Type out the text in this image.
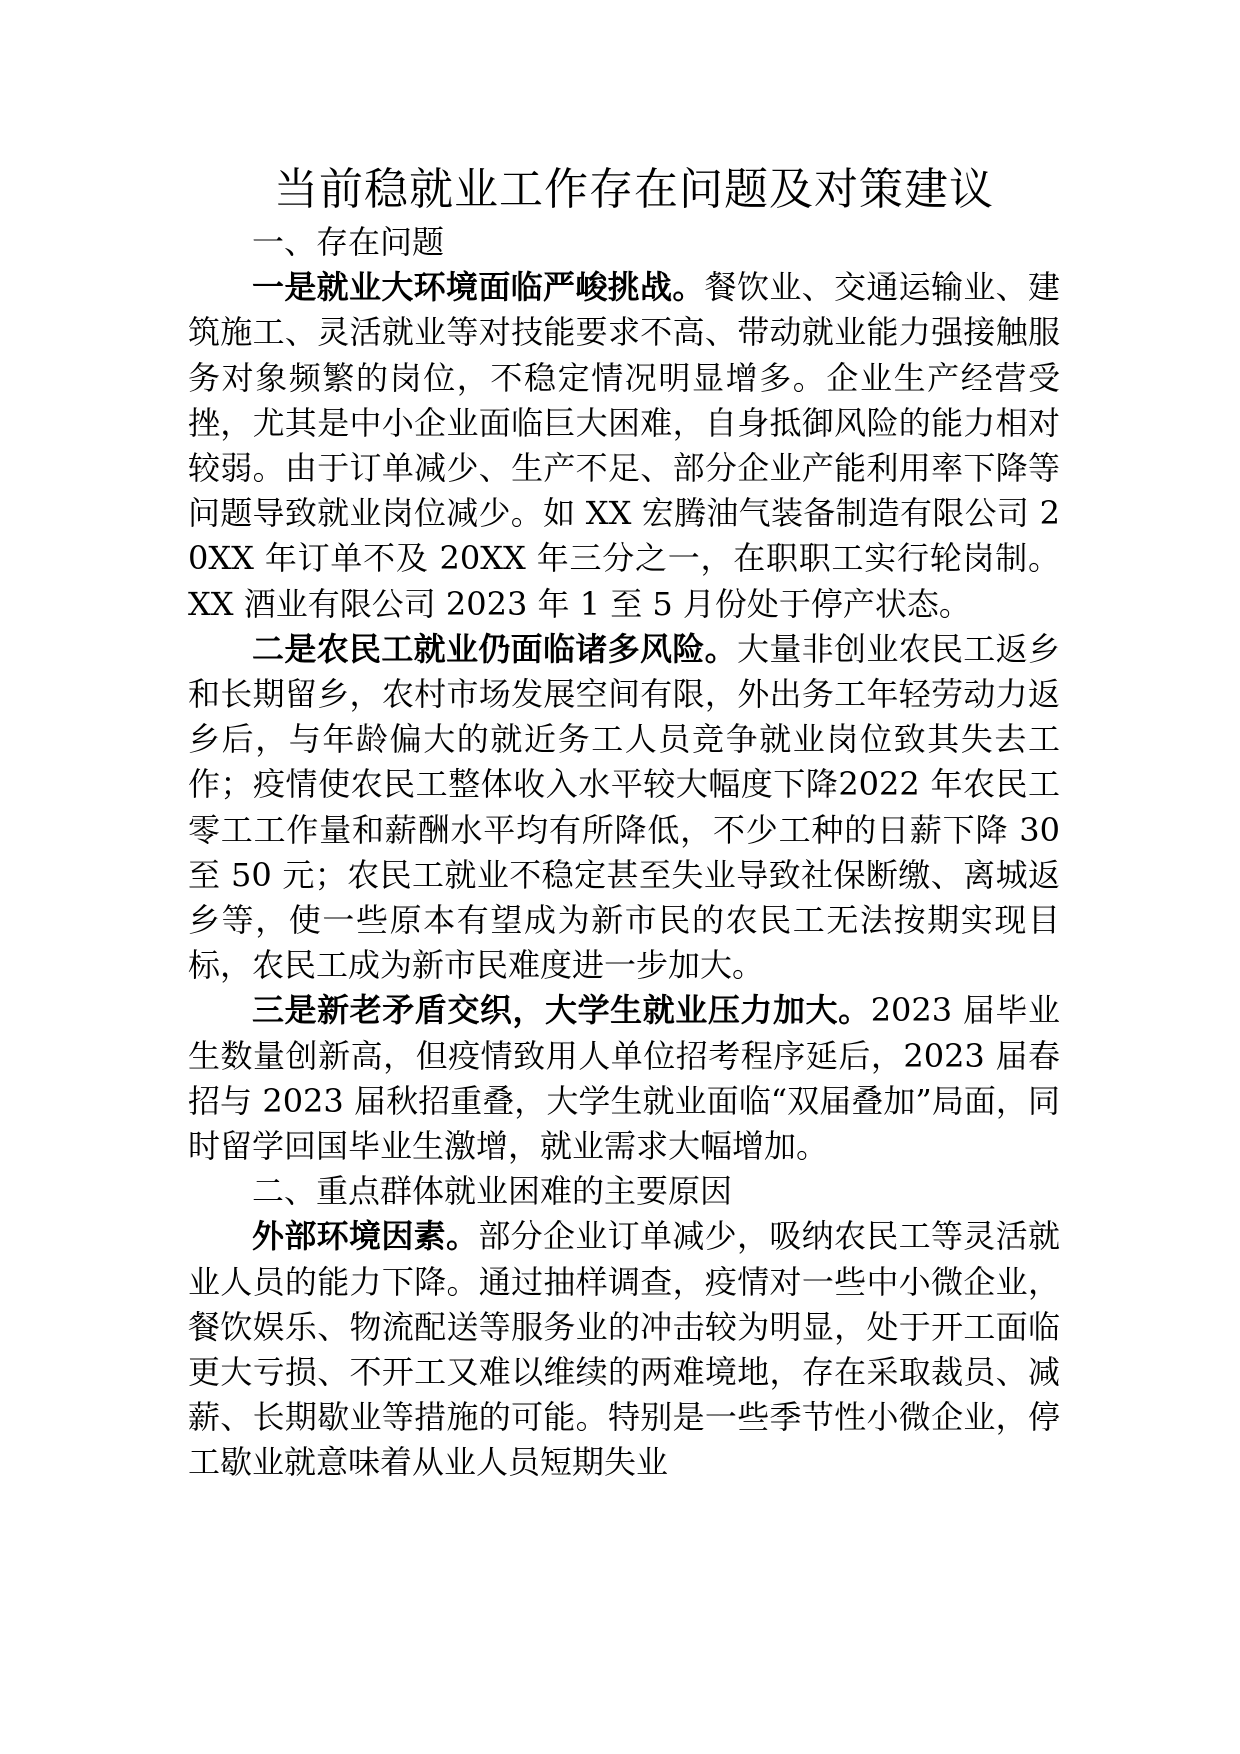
当前稳就业工作存在问题及对策建议

一、存在问题

一是就业大环境面临严峻挑战。餐饮业、交通运输业、建筑施工、灵活就业等对技能要求不高、带动就业能力强接触服务对象频繁的岗位，不稳定情况明显增多。企业生产经营受挫，尤其是中小企业面临巨大困难，自身抵御风险的能力相对较弱。由于订单减少、生产不足、部分企业产能利用率下降等问题导致就业岗位减少。如 XX 宏腾油气装备制造有限公司 20XX 年订单不及 20XX 年三分之一，在职职工实行轮岗制。XX 酒业有限公司 2023 年 1 至 5 月份处于停产状态。

二是农民工就业仍面临诸多风险。大量非创业农民工返乡和长期留乡，农村市场发展空间有限，外出务工年轻劳动力返乡后，与年龄偏大的就近务工人员竞争就业岗位致其失去工作；疫情使农民工整体收入水平较大幅度下降2022 年农民工零工工作量和薪酬水平均有所降低，不少工种的日薪下降 30 至 50 元；农民工就业不稳定甚至失业导致社保断缴、离城返乡等，使一些原本有望成为新市民的农民工无法按期实现目标，农民工成为新市民难度进一步加大。

三是新老矛盾交织，大学生就业压力加大。2023 届毕业生数量创新高，但疫情致用人单位招考程序延后，2023 届春招与 2023 届秋招重叠，大学生就业面临“双届叠加”局面，同时留学回国毕业生激增，就业需求大幅增加。

二、重点群体就业困难的主要原因

外部环境因素。部分企业订单减少，吸纳农民工等灵活就业人员的能力下降。通过抽样调查，疫情对一些中小微企业，餐饮娱乐、物流配送等服务业的冲击较为明显，处于开工面临更大亏损、不开工又难以维续的两难境地，存在采取裁员、减薪、长期歇业等措施的可能。特别是一些季节性小微企业，停工歇业就意味着从业人员短期失业
